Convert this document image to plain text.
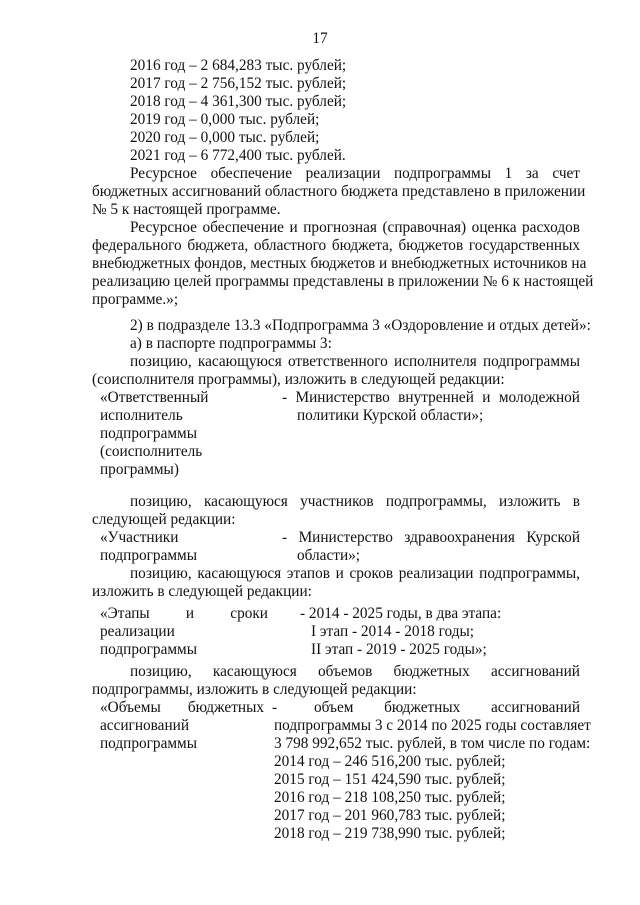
17
2016 год – 2 684,283 тыс. рублей;
2017 год – 2 756,152 тыс. рублей;
2018 год – 4 361,300 тыс. рублей;
2019 год – 0,000 тыс. рублей;
2020 год – 0,000 тыс. рублей;
2021 год – 6 772,400 тыс. рублей.
Ресурсное обеспечение реализации подпрограммы 1 за счет
бюджетных ассигнований областного бюджета представлено в приложении
№ 5 к настоящей программе.
Ресурсное обеспечение и прогнозная (справочная) оценка расходов
федерального бюджета, областного бюджета, бюджетов государственных
внебюджетных фондов, местных бюджетов и внебюджетных источников на
реализацию целей программы представлены в приложении № 6 к настоящей
программе.»;
2) в подразделе 13.3 «Подпрограмма 3 «Оздоровление и отдых детей»:
а) в паспорте подпрограммы 3:
позицию, касающуюся ответственного исполнителя подпрограммы
(соисполнителя программы), изложить в следующей редакции:
«Ответственный
исполнитель
подпрограммы
(соисполнитель
программы)
- Министерство внутренней и молодежной
политики Курской области»;
позицию, касающуюся участников подпрограммы, изложить в
следующей редакции:
«Участники
подпрограммы
- Министерство здравоохранения Курской
области»;
позицию, касающуюся этапов и сроков реализации подпрограммы,
изложить в следующей редакции:
«Этапы и сроки
реализации
подпрограммы
- 2014 - 2025 годы, в два этапа:
I этап - 2014 - 2018 годы;
II этап - 2019 - 2025 годы»;
позицию, касающуюся объемов бюджетных ассигнований
подпрограммы, изложить в следующей редакции:
«Объемы бюджетных
ассигнований
подпрограммы
- объем бюджетных ассигнований
подпрограммы 3 с 2014 по 2025 годы составляет
3 798 992,652 тыс. рублей, в том числе по годам:
2014 год – 246 516,200 тыс. рублей;
2015 год – 151 424,590 тыс. рублей;
2016 год – 218 108,250 тыс. рублей;
2017 год – 201 960,783 тыс. рублей;
2018 год – 219 738,990 тыс. рублей;
